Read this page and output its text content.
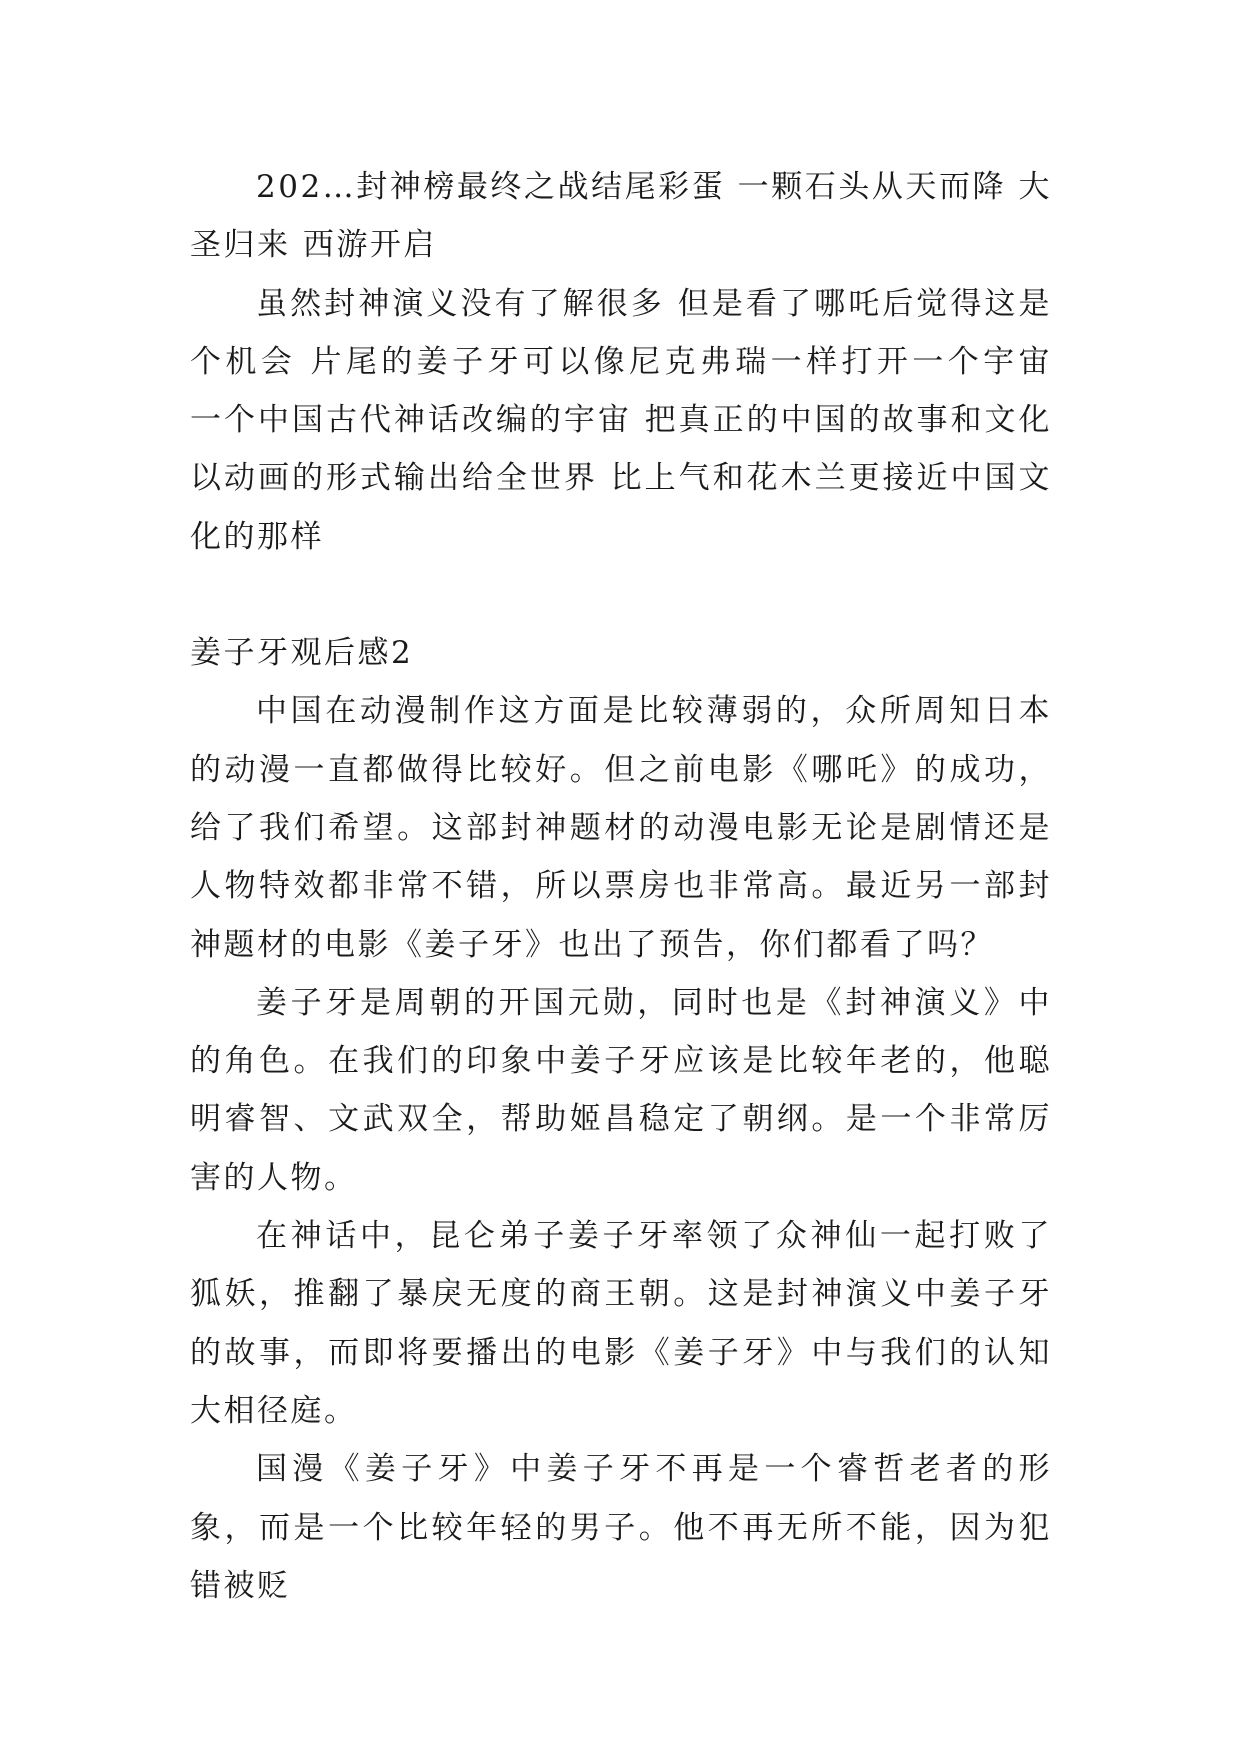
202…封神榜最终之战结尾彩蛋 一颗石头从天而降 大圣归来 西游开启

虽然封神演义没有了解很多 但是看了哪吒后觉得这是个机会 片尾的姜子牙可以像尼克弗瑞一样打开一个宇宙 一个中国古代神话改编的宇宙 把真正的中国的故事和文化以动画的形式输出给全世界 比上气和花木兰更接近中国文化的那样

姜子牙观后感2

中国在动漫制作这方面是比较薄弱的，众所周知日本的动漫一直都做得比较好。但之前电影《哪吒》的成功，给了我们希望。这部封神题材的动漫电影无论是剧情还是人物特效都非常不错，所以票房也非常高。最近另一部封神题材的电影《姜子牙》也出了预告，你们都看了吗？

姜子牙是周朝的开国元勋，同时也是《封神演义》中的角色。在我们的印象中姜子牙应该是比较年老的，他聪明睿智、文武双全，帮助姬昌稳定了朝纲。是一个非常厉害的人物。

在神话中，昆仑弟子姜子牙率领了众神仙一起打败了狐妖，推翻了暴戾无度的商王朝。这是封神演义中姜子牙的故事，而即将要播出的电影《姜子牙》中与我们的认知大相径庭。

国漫《姜子牙》中姜子牙不再是一个睿哲老者的形象，而是一个比较年轻的男子。他不再无所不能，因为犯错被贬
